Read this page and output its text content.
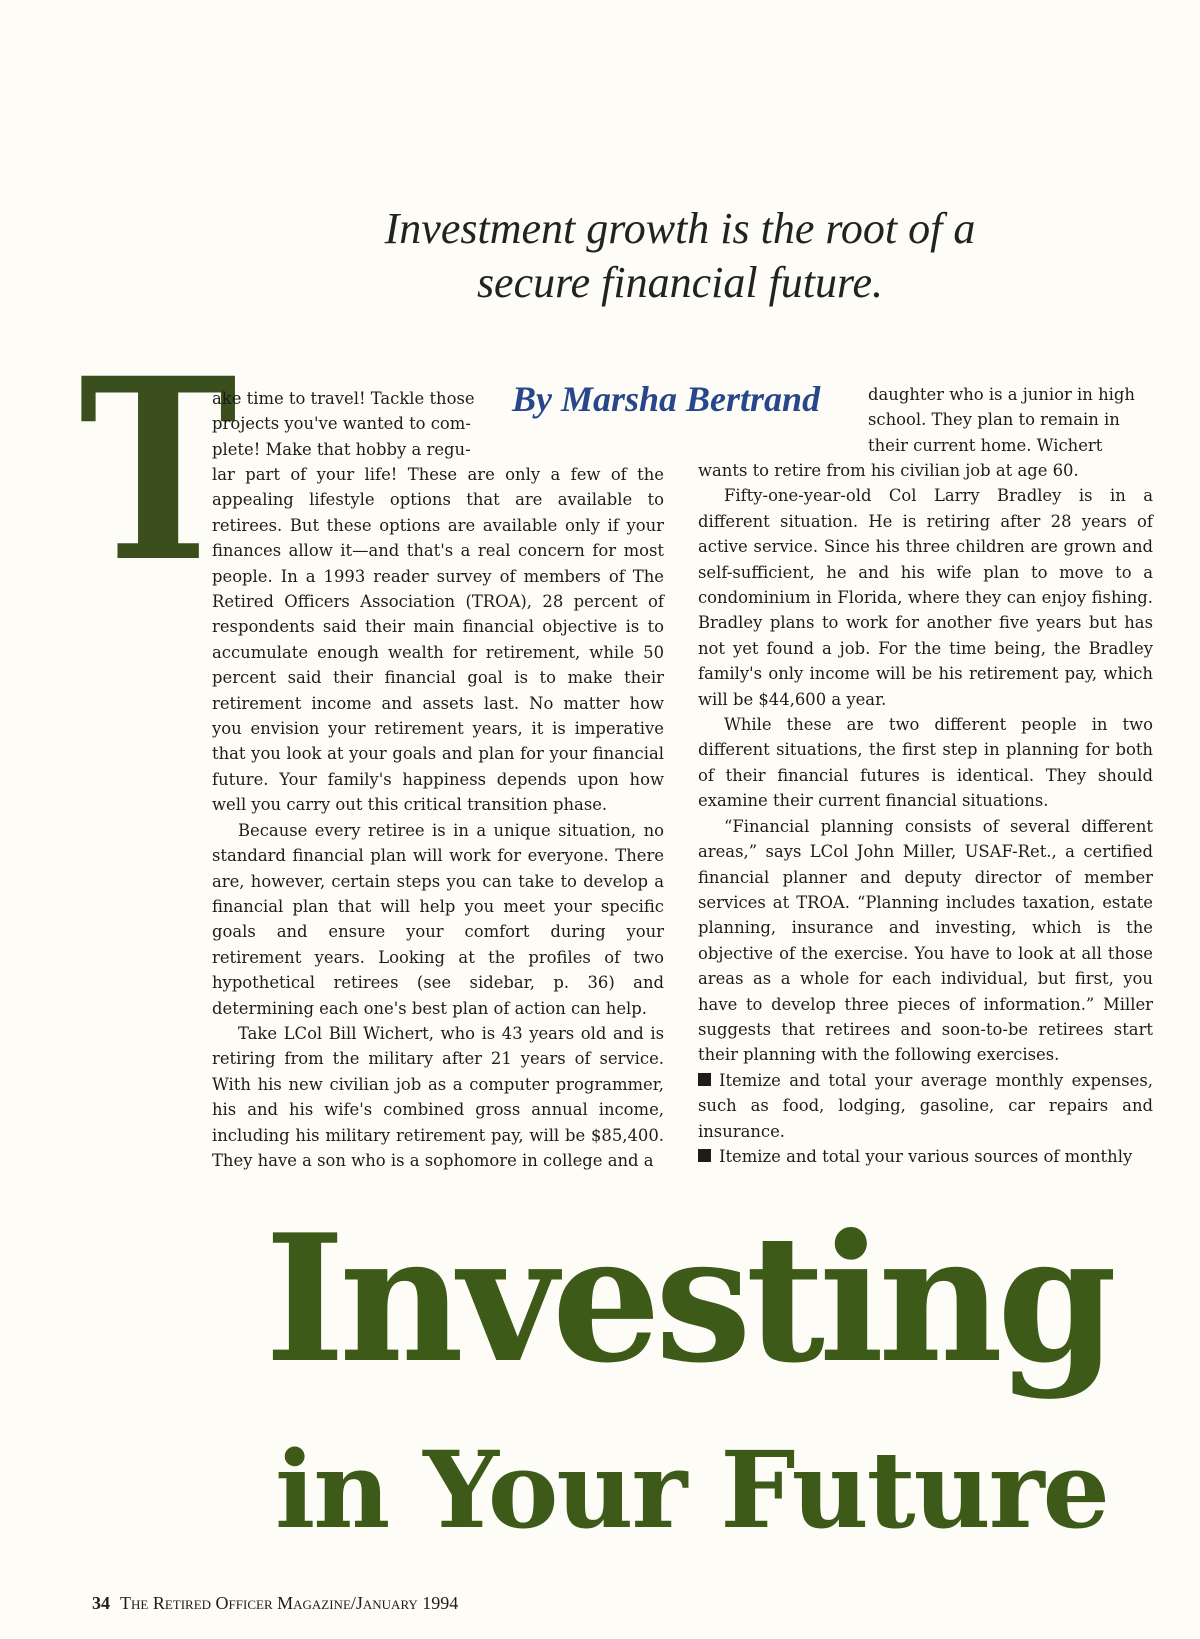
Investment growth is the root of a
secure financial future.
T	By Marsha Bertrand

ake time to travel! Tackle those

projects you've wanted to com-

plete! Make that hobby a regu-

lar part of your life! These are only a few of the appealing lifestyle options that are available to retirees. But these options are available only if your finances allow it—and that's a real concern for most people. In a 1993 reader survey of members of The Retired Officers Association (TROA), 28 percent of respondents said their main financial objective is to accumulate enough wealth for retirement, while 50 percent said their financial goal is to make their retirement income and assets last. No matter how you envision your retirement years, it is imperative that you look at your goals and plan for your financial future. Your family's happiness depends upon how well you carry out this critical transition phase.

Because every retiree is in a unique situation, no standard financial plan will work for everyone. There are, however, certain steps you can take to develop a financial plan that will help you meet your specific goals and ensure your comfort during your retirement years. Looking at the profiles of two hypothetical retirees (see sidebar, p. 36) and determining each one's best plan of action can help.

Take LCol Bill Wichert, who is 43 years old and is retiring from the military after 21 years of service. With his new civilian job as a computer programmer, his and his wife's combined gross annual income, including his military retirement pay, will be $85,400. They have a son who is a sophomore in college and a

daughter who is a junior in high

school. They plan to remain in

their current home. Wichert

wants to retire from his civilian job at age 60.

Fifty-one-year-old Col Larry Bradley is in a different situation. He is retiring after 28 years of active service. Since his three children are grown and self-sufficient, he and his wife plan to move to a condominium in Florida, where they can enjoy fishing. Bradley plans to work for another five years but has not yet found a job. For the time being, the Bradley family's only income will be his retirement pay, which will be $44,600 a year.

While these are two different people in two different situations, the first step in planning for both of their financial futures is identical. They should examine their current financial situations.

“Financial planning consists of several different areas,” says LCol John Miller, USAF-Ret., a certified financial planner and deputy director of member services at TROA. “Planning includes taxation, estate planning, insurance and investing, which is the objective of the exercise. You have to look at all those areas as a whole for each individual, but first, you have to develop three pieces of information.” Miller suggests that retirees and soon-to-be retirees start their planning with the following exercises.

Itemize and total your average monthly expenses, such as food, lodging, gasoline, car repairs and insurance.

Itemize and total your various sources of monthly

Investing
in Your Future
34 The Retired Officer Magazine/January 1994
